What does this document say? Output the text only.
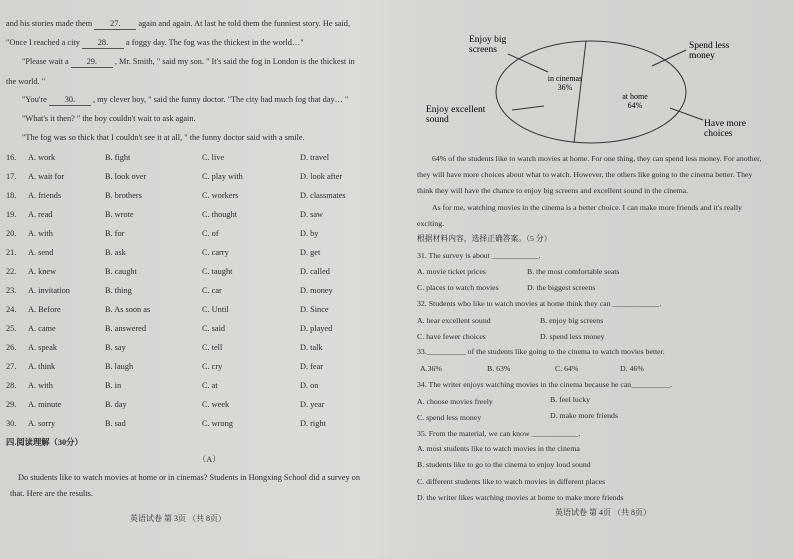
and his stories made them 27. again and again. At last he told them the funniest story. He said,
"Once I reached a city 28. a foggy day. The fog was the thickest in the world…"
"Please wait a 29. , Mr. Smith, " said my son. " It's said the fog in London is the thickest in
the world. "
"You're 30. , my clever boy, " said the funny doctor. "The city had much fog that day… "
"What's it then? " the boy couldn't wait to ask again.
"The fog was so thick that I couldn't see it at all, " the funny doctor said with a smile.
16. A. work	B. fight	C. live	D. travel
17. A. wait for	B. look over	C. play with	D. look after
18. A. friends	B. brothers	C. workers	D. classmates
19. A. read	B. wrote	C. thought	D. saw
20. A. with	B. for	C. of	D. by
21. A. send	B. ask	C. carry	D. get
22. A. knew	B. caught	C. taught	D. called
23. A. invitation	B. thing	C. car	D. money
24. A. Before	B. As soon as	C. Until	D. Since
25. A. came	B. answered	C. said	D. played
26. A. speak	B. say	C. tell	D. talk
27. A. think	B. laugh	C. cry	D. fear
28. A. with	B. in	C. at	D. on
29. A. minute	B. day	C. week	D. year
30. A. sorry	B. sad	C. wrong	D. right
四.阅读理解（30分）
（A）
Do students like to watch movies at home or in cinemas? Students in Hongxing School did a survey on
that. Here are the results.
英语试卷 第 3页 （共 8页）
in cinemas
36%
at home
64%
Enjoy big
screens
Enjoy excellent
sound
Spend less
money
Have more
choices
64% of the students like to watch movies at home. For one thing, they can spend less money. For another,
they will have more choices about what to watch. However, the others like going to the cinema better. They
think they will have the chance to enjoy big screens and excellent sound in the cinema.
As for me, watching movies in the cinema is a better choice. I can make more friends and it's really
exciting.
根据材料内容，选择正确答案。（5 分）
31. The survey is about ____________.
A. movie ticket prices	B. the most comfortable seats
C. places to watch movies	D. the biggest screens
32. Students who like to watch movies at home think they can ____________.
A. hear excellent sound	B. enjoy big screens
C. have fewer choices	D. spend less money
33.__________ of the students like going to the cinema to watch movies better.
A.36%	B. 63%	C. 64%	D. 46%
34. The writer enjoys watching movies in the cinema because he can__________.
A. choose movies freely	B. feel lucky
C. spend less money	D. make more friends
35. From the material, we can know ____________.
A. most students like to watch movies in the cinema
B. students like to go to the cinema to enjoy loud sound
C. different students like to watch movies in different places
D. the writer likes watching movies at home to make more friends
英语试卷 第 4页 （共 8页）
